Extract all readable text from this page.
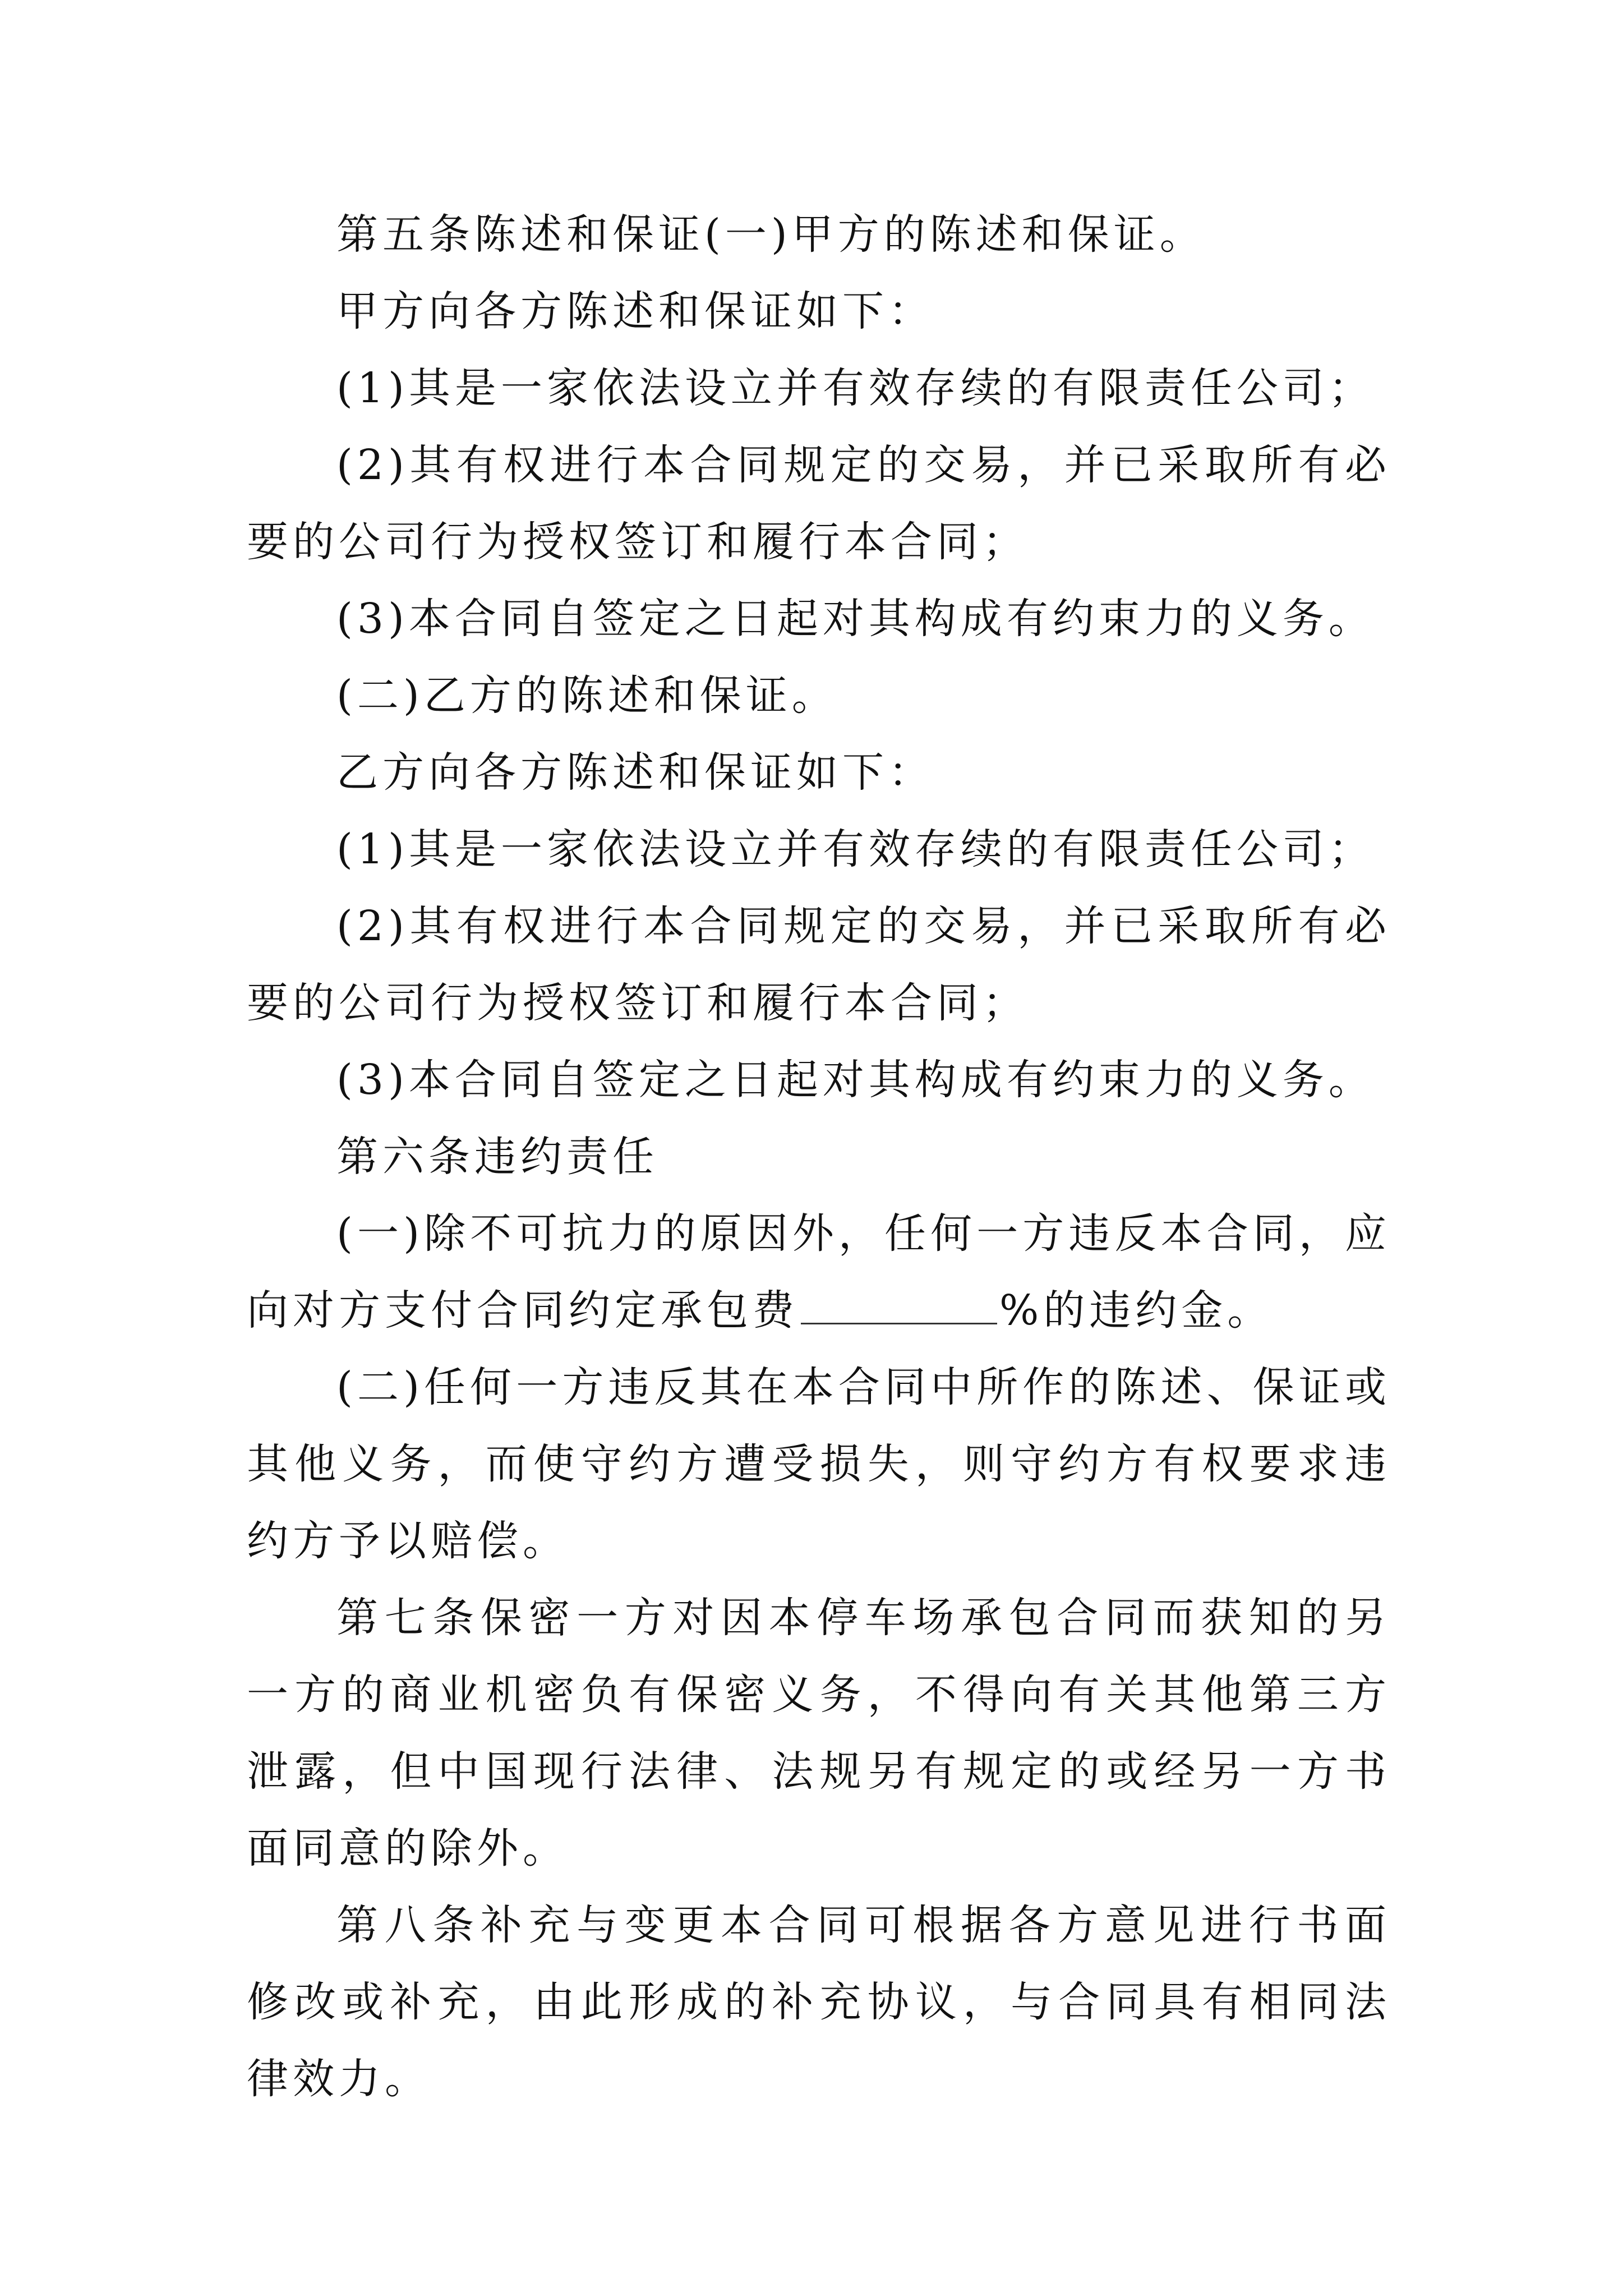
第五条陈述和保证(一)甲方的陈述和保证。

甲方向各方陈述和保证如下：

(1)其是一家依法设立并有效存续的有限责任公司；

(2)其有权进行本合同规定的交易，并已采取所有必要的公司行为授权签订和履行本合同；

(3)本合同自签定之日起对其构成有约束力的义务。

(二)乙方的陈述和保证。

乙方向各方陈述和保证如下：

(1)其是一家依法设立并有效存续的有限责任公司；

(2)其有权进行本合同规定的交易，并已采取所有必要的公司行为授权签订和履行本合同；

(3)本合同自签定之日起对其构成有约束力的义务。

第六条违约责任

(一)除不可抗力的原因外，任何一方违反本合同，应向对方支付合同约定承包费	%的违约金。

(二)任何一方违反其在本合同中所作的陈述、保证或其他义务，而使守约方遭受损失，则守约方有权要求违约方予以赔偿。

第七条保密一方对因本停车场承包合同而获知的另一方的商业机密负有保密义务，不得向有关其他第三方泄露，但中国现行法律、法规另有规定的或经另一方书面同意的除外。

第八条补充与变更本合同可根据各方意见进行书面修改或补充，由此形成的补充协议，与合同具有相同法律效力。
